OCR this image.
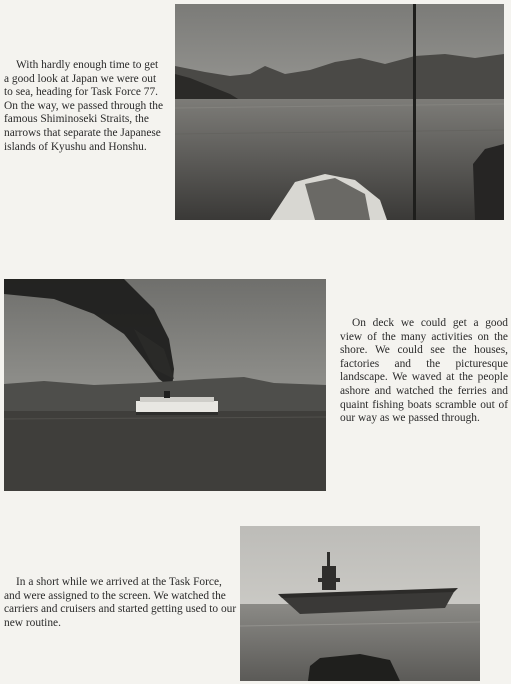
With hardly enough time to get a good look at Japan we were out to sea, heading for Task Force 77. On the way, we passed through the famous Shiminoseki Straits, the narrows that separate the Japanese islands of Kyushu and Honshu.

On deck we could get a good view of the many activities on the shore. We could see the houses, factories and the picturesque landscape. We waved at the people ashore and watched the ferries and quaint fishing boats scramble out of our way as we passed through.

In a short while we arrived at the Task Force, and were assigned to the screen. We watched the carriers and cruisers and started getting used to our new routine.
